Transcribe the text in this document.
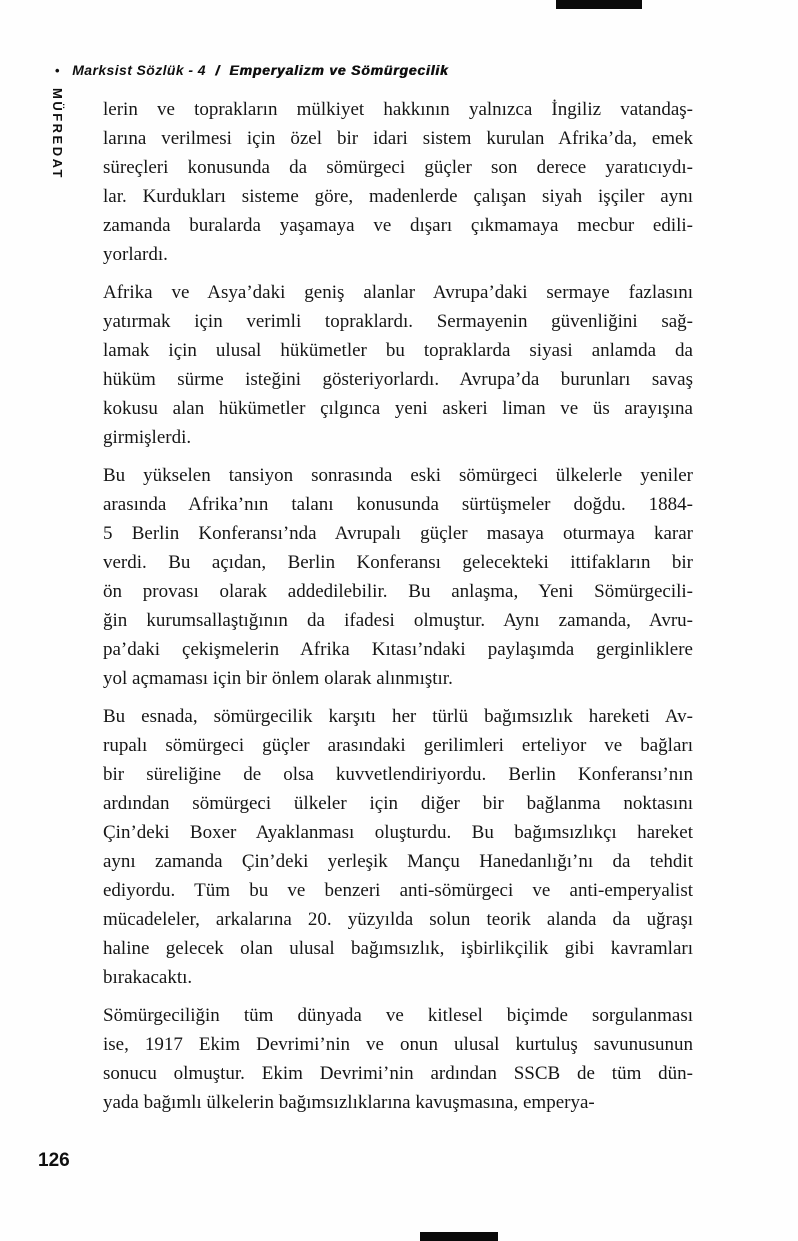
• Marksist Sözlük - 4 / Emperyalizm ve Sömürgecilik
MÜFREDAT lerin ve toprakların mülkiyet hakkının yalnızca İngiliz vatandaş-
larına verilmesi için özel bir idari sistem kurulan Afrika’da, emek
süreçleri konusunda da sömürgeci güçler son derece yaratıcıydı-
lar. Kurdukları sisteme göre, madenlerde çalışan siyah işçiler aynı
zamanda buralarda yaşamaya ve dışarı çıkmamaya mecbur edili-
yorlardı.

Afrika ve Asya’daki geniş alanlar Avrupa’daki sermaye fazlasını
yatırmak için verimli topraklardı. Sermayenin güvenliğini sağ-
lamak için ulusal hükümetler bu topraklarda siyasi anlamda da
hüküm sürme isteğini gösteriyorlardı. Avrupa’da burunları savaş
kokusu alan hükümetler çılgınca yeni askeri liman ve üs arayışına
girmişlerdi.

Bu yükselen tansiyon sonrasında eski sömürgeci ülkelerle yeniler
arasında Afrika’nın talanı konusunda sürtüşmeler doğdu. 1884-
5 Berlin Konferansı’nda Avrupalı güçler masaya oturmaya karar
verdi. Bu açıdan, Berlin Konferansı gelecekteki ittifakların bir
ön provası olarak addedilebilir. Bu anlaşma, Yeni Sömürgecili-
ğin kurumsallaştığının da ifadesi olmuştur. Aynı zamanda, Avru-
pa’daki çekişmelerin Afrika Kıtası’ndaki paylaşımda gerginliklere
yol açmaması için bir önlem olarak alınmıştır.

Bu esnada, sömürgecilik karşıtı her türlü bağımsızlık hareketi Av-
rupalı sömürgeci güçler arasındaki gerilimleri erteliyor ve bağları
bir süreliğine de olsa kuvvetlendiriyordu. Berlin Konferansı’nın
ardından sömürgeci ülkeler için diğer bir bağlanma noktasını
Çin’deki Boxer Ayaklanması oluşturdu. Bu bağımsızlıkçı hareket
aynı zamanda Çin’deki yerleşik Mançu Hanedanlığı’nı da tehdit
ediyordu. Tüm bu ve benzeri anti-sömürgeci ve anti-emperyalist
mücadeleler, arkalarına 20. yüzyılda solun teorik alanda da uğraşı
haline gelecek olan ulusal bağımsızlık, işbirlikçilik gibi kavramları
bırakacaktı.

Sömürgeciliğin tüm dünyada ve kitlesel biçimde sorgulanması
ise, 1917 Ekim Devrimi’nin ve onun ulusal kurtuluş savunusunun
sonucu olmuştur. Ekim Devrimi’nin ardından SSCB de tüm dün-
yada bağımlı ülkelerin bağımsızlıklarına kavuşmasına, emperya-

126
